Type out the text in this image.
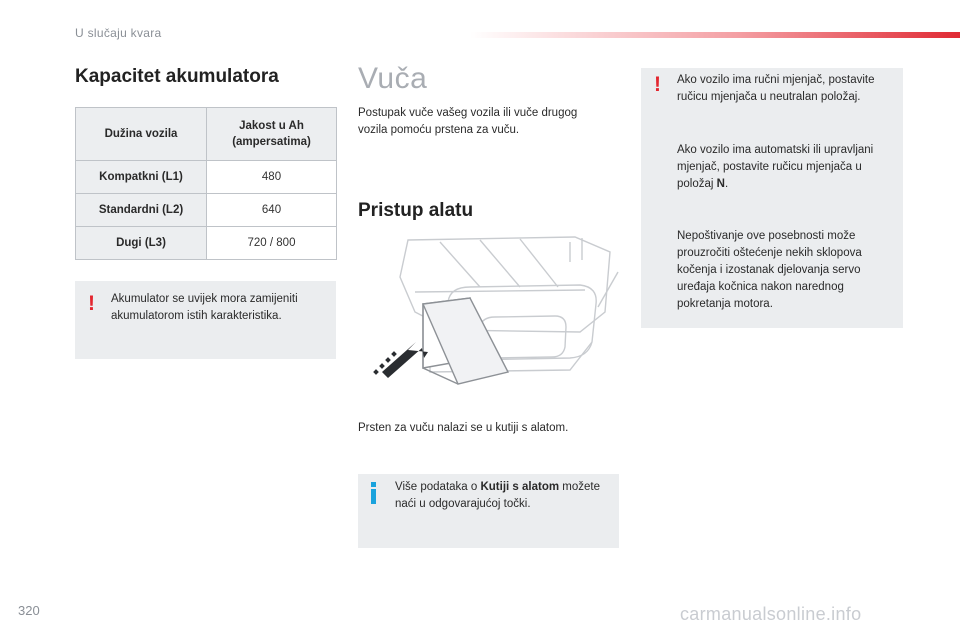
U slučaju kvara
Kapacitet akumulatora
Dužina vozila	Jakost u Ah
(ampersatima)
Kompatkni (L1)	480
Standardni (L2)	640
Dugi (L3)	720 / 800
! Akumulator se uvijek mora zamijeniti akumulatorom istih karakteristika.
Vuča
Postupak vuče vašeg vozila ili vuče drugog vozila pomoću prstena za vuču.
Pristup alatu
Prsten za vuču nalazi se u kutiji s alatom.
Više podataka o Kutiji s alatom možete naći u odgovarajućoj točki.
! Ako vozilo ima ručni mjenjač, postavite ručicu mjenjača u neutralan položaj.
Ako vozilo ima automatski ili upravljani mjenjač, postavite ručicu mjenjača u položaj N.
Nepoštivanje ove posebnosti može prouzročiti oštećenje nekih sklopova kočenja i izostanak djelovanja servo uređaja kočnica nakon narednog pokretanja motora.
320	carmanualsonline.info
